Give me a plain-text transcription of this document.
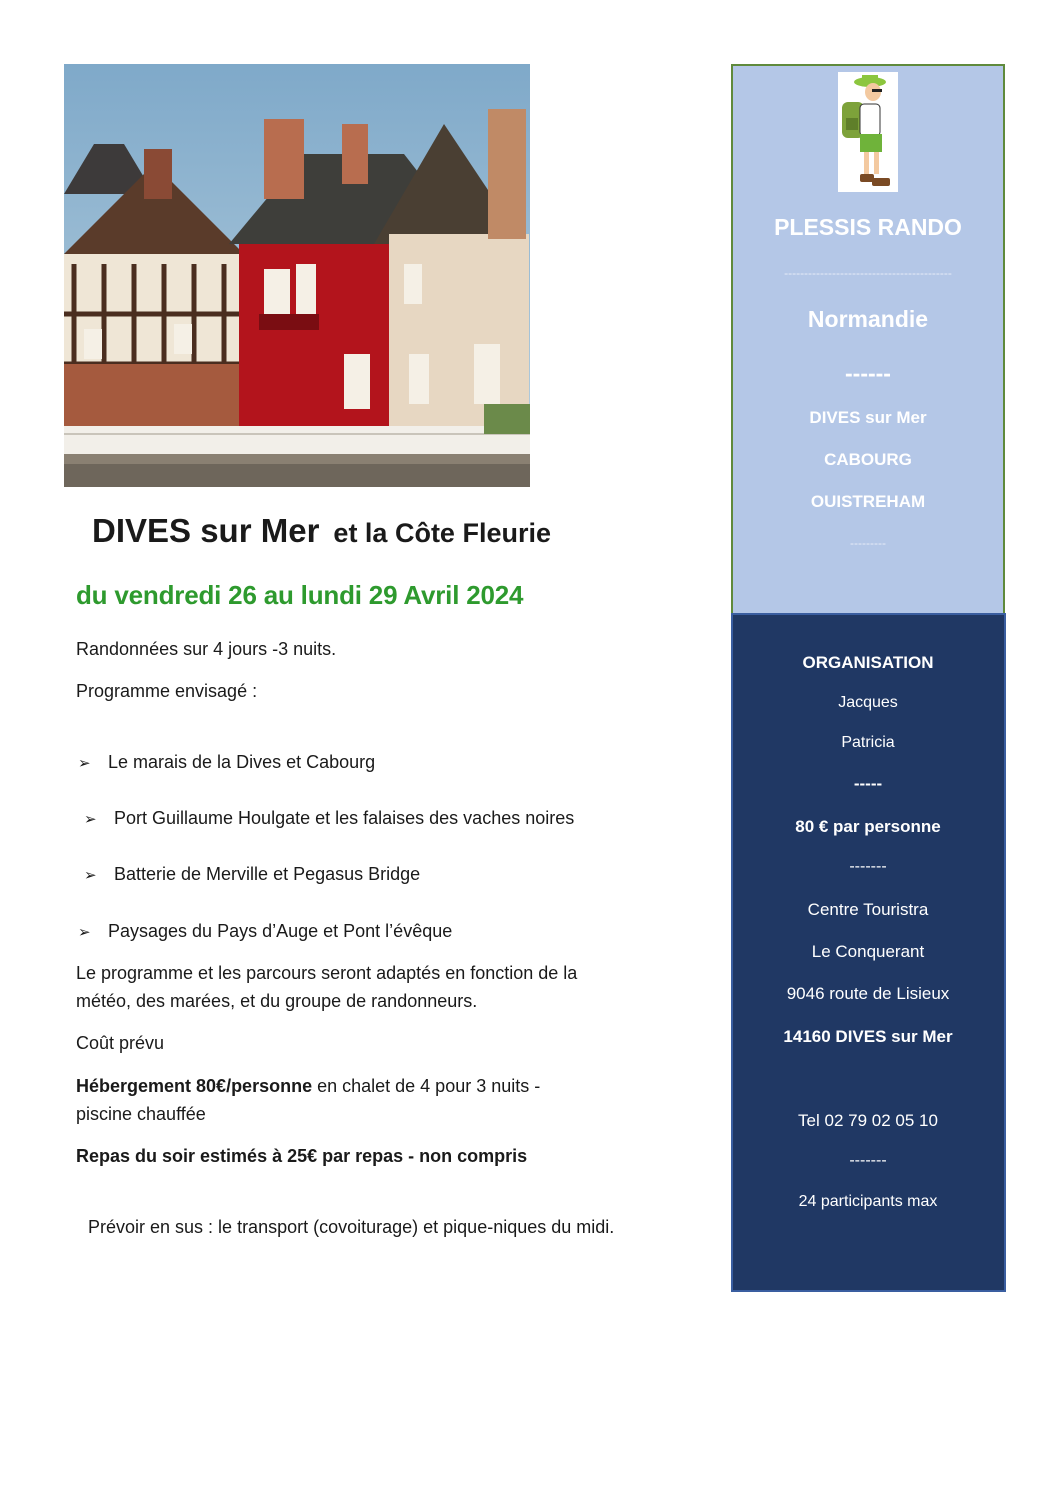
DIVES sur Mer et la Côte Fleurie
du vendredi 26 au lundi 29 Avril 2024
Randonnées sur 4 jours -3 nuits.
Programme envisagé :
➢ Le marais de la Dives et Cabourg
➢ Port Guillaume Houlgate et les falaises des vaches noires
➢ Batterie de Merville et Pegasus Bridge
➢ Paysages du Pays d’Auge et Pont l’évêque
Le programme et les parcours seront adaptés en fonction de la
météo, des marées, et du groupe de randonneurs.
Coût prévu
Hébergement 80€/personne en chalet de 4 pour 3 nuits -
piscine chauffée
Repas du soir estimés à 25€ par repas - non compris
Prévoir en sus : le transport (covoiturage) et pique-niques du midi.
PLESSIS RANDO
------------------------------------------
Normandie
------
DIVES sur Mer
CABOURG
OUISTREHAM
---------
ORGANISATION
Jacques
Patricia
-----
80 € par personne
-------
Centre Touristra
Le Conquerant
9046 route de Lisieux
14160 DIVES sur Mer
Tel 02 79 02 05 10
-------
24 participants max
